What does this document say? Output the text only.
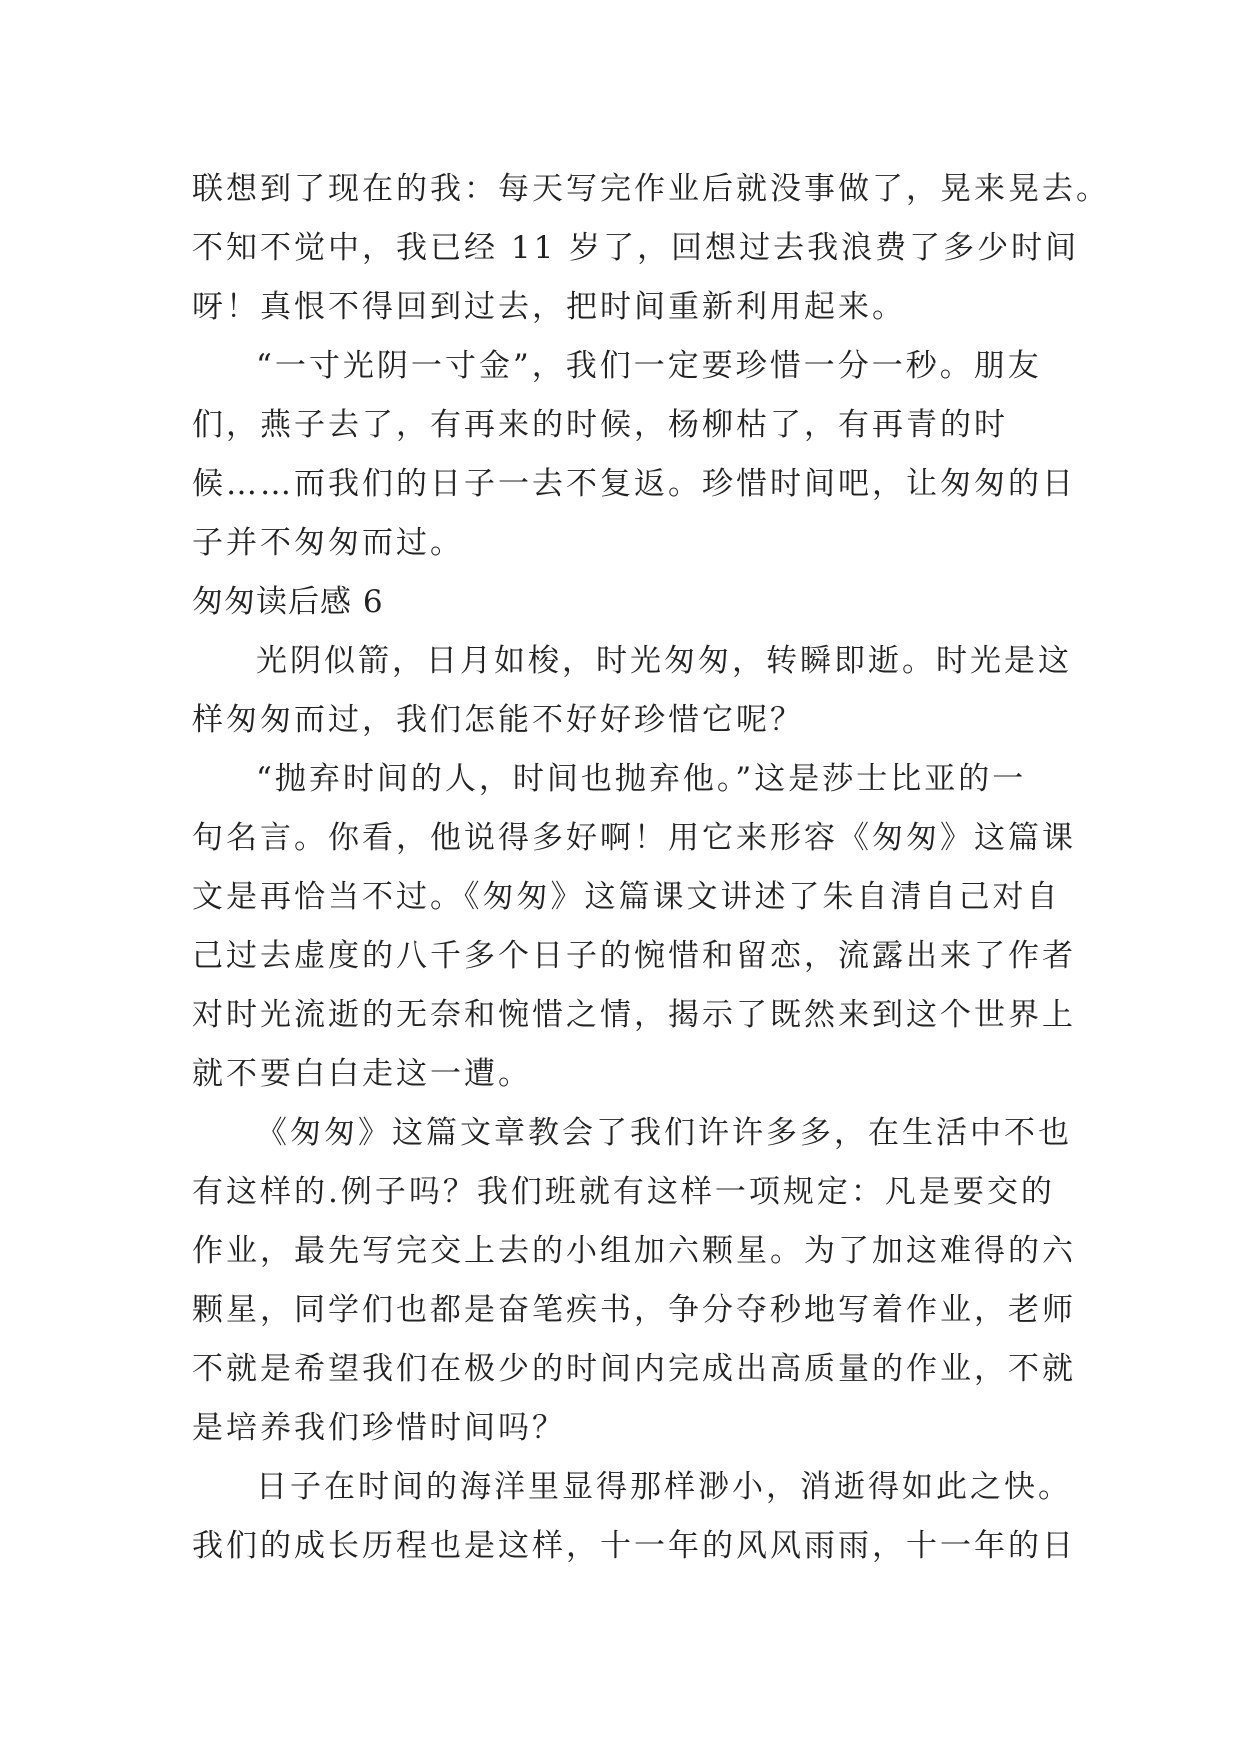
联想到了现在的我：每天写完作业后就没事做了，晃来晃去。
不知不觉中，我已经 11 岁了，回想过去我浪费了多少时间
呀！真恨不得回到过去，把时间重新利用起来。
“一寸光阴一寸金”，我们一定要珍惜一分一秒。朋友
们，燕子去了，有再来的时候，杨柳枯了，有再青的时
候……而我们的日子一去不复返。珍惜时间吧，让匆匆的日
子并不匆匆而过。
匆匆读后感 6
光阴似箭，日月如梭，时光匆匆，转瞬即逝。时光是这
样匆匆而过，我们怎能不好好珍惜它呢？
“抛弃时间的人，时间也抛弃他。”这是莎士比亚的一
句名言。你看，他说得多好啊！用它来形容《匆匆》这篇课
文是再恰当不过。《匆匆》这篇课文讲述了朱自清自己对自
己过去虚度的八千多个日子的惋惜和留恋，流露出来了作者
对时光流逝的无奈和惋惜之情，揭示了既然来到这个世界上
就不要白白走这一遭。
《匆匆》这篇文章教会了我们许许多多，在生活中不也
有这样的.例子吗？我们班就有这样一项规定：凡是要交的
作业，最先写完交上去的小组加六颗星。为了加这难得的六
颗星，同学们也都是奋笔疾书，争分夺秒地写着作业，老师
不就是希望我们在极少的时间内完成出高质量的作业，不就
是培养我们珍惜时间吗？
日子在时间的海洋里显得那样渺小，消逝得如此之快。
我们的成长历程也是这样，十一年的风风雨雨，十一年的日
